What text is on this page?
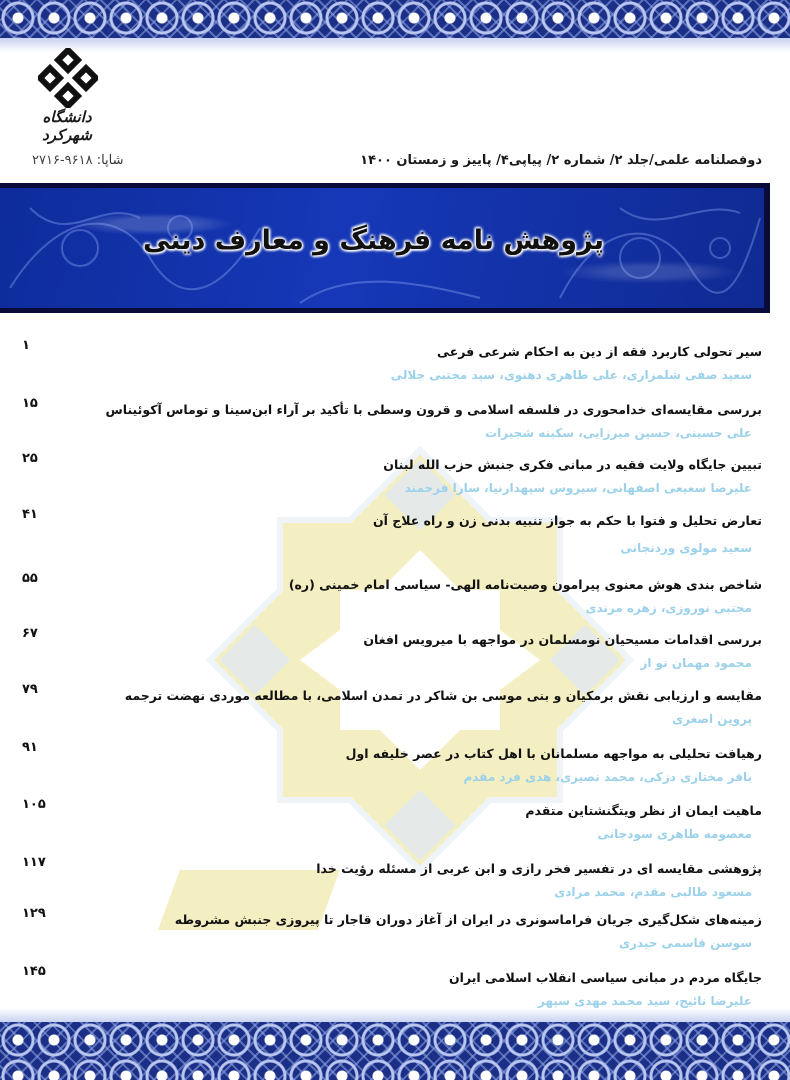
دانشگاه شهرکرد
دوفصلنامه علمی/جلد ۲/ شماره ۲/ پیاپی۴/ پاییز و زمستان ۱۴۰۰
شاپا: ۹۶۱۸-۲۷۱۶
پژوهش نامه فرهنگ و معارف دینی
سیر تحولی کاربرد فقه از دین به احکام شرعی فرعی
سعید صفی شلمزاری، علی طاهری دهنوی، سید مجتبی جلالی
۱
بررسی مقایسه‌ای خدامحوری در فلسفه اسلامی و قرون وسطی با تأکید بر آراء ابن‌سینا و توماس آکوئیناس
علی حسینی، حسین میرزایی، سکینه شجیرات
۱۵
تبیین جایگاه ولایت فقیه در مبانی فکری جنبش حزب الله لبنان
علیرضا سعیعی اصفهانی، سیروس سپهدارنیا، سارا فرحمند
۲۵
تعارض تحلیل و فتوا با حکم به جواز تنبیه بدنی زن و راه علاج آن
سعید مولوی وردنجانی
۴۱
شاخص بندی هوش معنوی پیرامون وصیت‌نامه الهی- سیاسی امام خمینی (ره)
مجتبی نوروزی، زهره مرندی
۵۵
بررسی اقدامات مسیحیان نومسلمان در مواجهه با میرویس افغان
محمود مهمان نو از
۶۷
مقایسه و ارزیابی نقش برمکیان و بنی موسی بن شاکر در تمدن اسلامی، با مطالعه موردی نهضت ترجمه
پروین اصغری
۷۹
رهیافت تحلیلی به مواجهه مسلمانان با اهل کتاب در عصر خلیفه اول
باقر مختاری دزکی، محمد نصیری، هدی فرد مقدم
۹۱
ماهیت ایمان از نظر ویتگنشتاین متقدم
معصومه طاهری سودجانی
۱۰۵
پژوهشی مقایسه ای در تفسیر فخر رازی و ابن عربی از مسئله رؤیت خدا
مسعود طالبی مقدم، محمد مرادی
۱۱۷
زمینه‌های شکل‌گیری جریان فراماسونری در ایران از آغاز دوران قاجار تا پیروزی جنبش مشروطه
سوسن قاسمی حیدری
۱۲۹
جایگاه مردم در مبانی سیاسی انقلاب اسلامی ایران
علیرضا نائیج، سید محمد مهدی سپهر
۱۴۵
